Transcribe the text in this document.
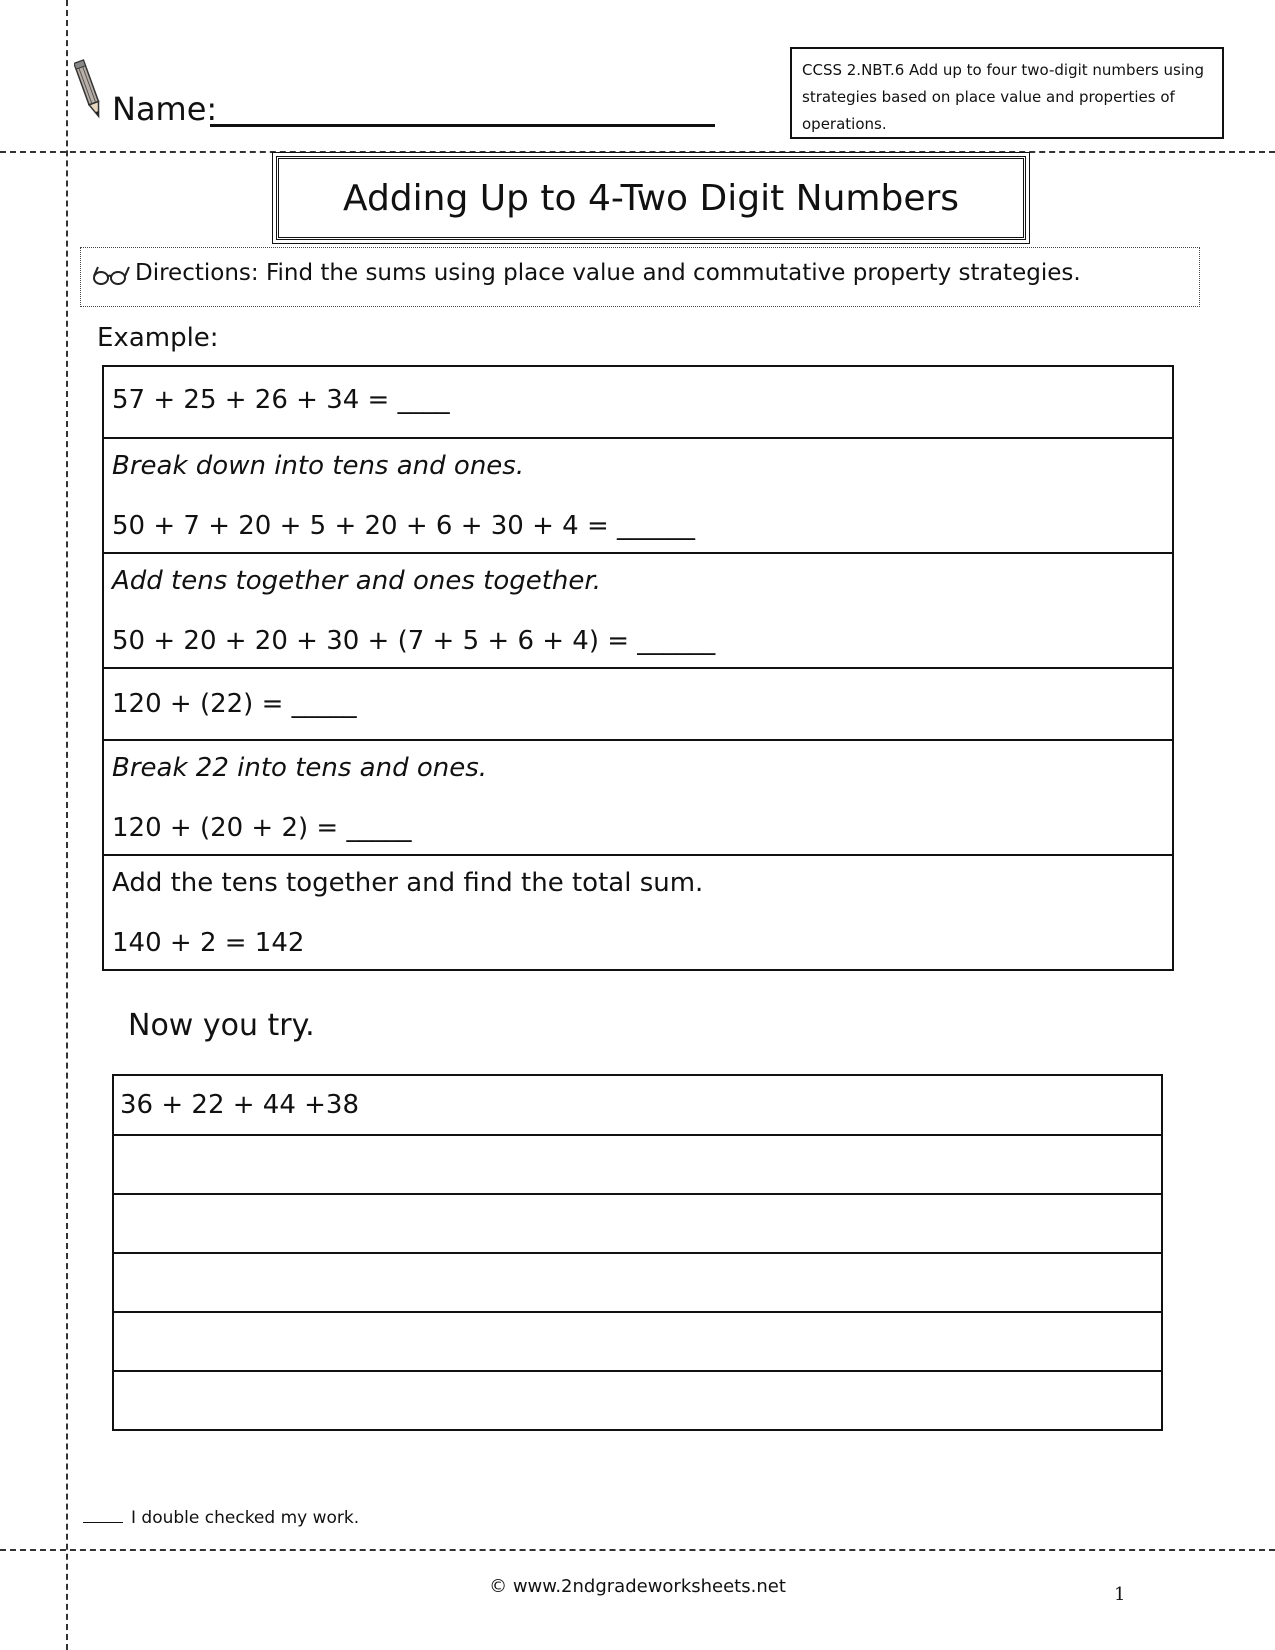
Name:
CCSS 2.NBT.6 Add up to four two-digit numbers using strategies based on place value and properties of operations.
Adding Up to 4-Two Digit Numbers
Directions: Find the sums using place value and commutative property strategies.
Example:
57 + 25 + 26 + 34 = ____

Break down into tens and ones.
50 + 7 + 20 + 5 + 20 + 6 + 30 + 4 = ______

Add tens together and ones together.
50 + 20 + 20 + 30 + (7 + 5 + 6 + 4) = ______

120 + (22) = _____

Break 22 into tens and ones.
120 + (20 + 2) = _____

Add the tens together and find the total sum.
140 + 2 = 142
Now you try.
36 + 22 + 44 +38

I double checked my work.
© www.2ndgradeworksheets.net	1
